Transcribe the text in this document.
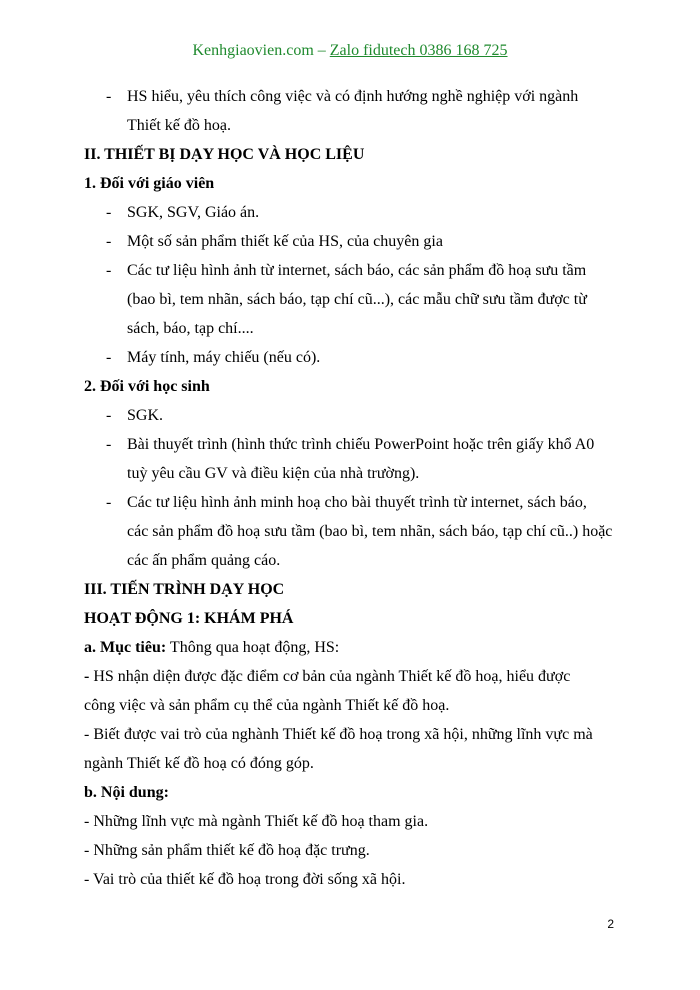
Kenhgiaovien.com – Zalo fidutech 0386 168 725
- HS hiểu, yêu thích công việc và có định hướng nghề nghiệp với ngành
Thiết kế đồ hoạ.
II. THIẾT BỊ DẠY HỌC VÀ HỌC LIỆU
1. Đối với giáo viên
- SGK, SGV, Giáo án.
- Một số sản phẩm thiết kế của HS, của chuyên gia
- Các tư liệu hình ảnh từ internet, sách báo, các sản phẩm đồ hoạ sưu tầm
(bao bì, tem nhãn, sách báo, tạp chí cũ...), các mẫu chữ sưu tầm được từ
sách, báo, tạp chí....
- Máy tính, máy chiếu (nếu có).
2. Đối với học sinh
- SGK.
- Bài thuyết trình (hình thức trình chiếu PowerPoint hoặc trên giấy khổ A0
tuỳ yêu cầu GV và điều kiện của nhà trường).
- Các tư liệu hình ảnh minh hoạ cho bài thuyết trình từ internet, sách báo,
các sản phẩm đồ hoạ sưu tầm (bao bì, tem nhãn, sách báo, tạp chí cũ..) hoặc
các ấn phẩm quảng cáo.
III. TIẾN TRÌNH DẠY HỌC
HOẠT ĐỘNG 1: KHÁM PHÁ
a. Mục tiêu: Thông qua hoạt động, HS:
- HS nhận diện được đặc điểm cơ bản của ngành Thiết kế đồ hoạ, hiểu được
công việc và sản phẩm cụ thể của ngành Thiết kế đồ hoạ.
- Biết được vai trò của nghành Thiết kế đồ hoạ trong xã hội, những lĩnh vực mà
ngành Thiết kế đồ hoạ có đóng góp.
b. Nội dung:
- Những lĩnh vực mà ngành Thiết kế đồ hoạ tham gia.
- Những sản phẩm thiết kế đồ hoạ đặc trưng.
- Vai trò của thiết kế đồ hoạ trong đời sống xã hội.
2
